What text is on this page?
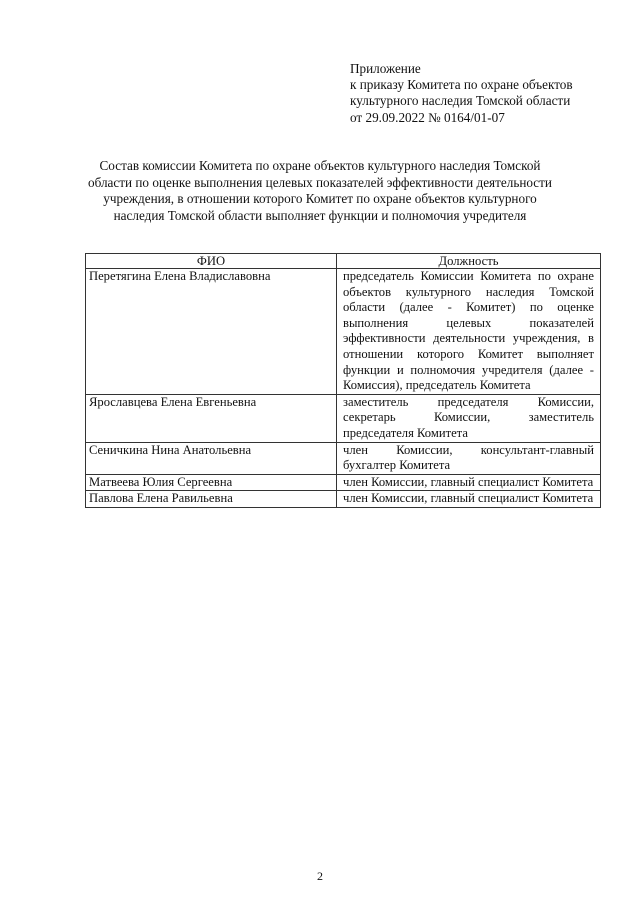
Приложение
к приказу Комитета по охране объектов
культурного наследия Томской области
от 29.09.2022 № 0164/01-07
Состав комиссии Комитета по охране объектов культурного наследия Томской области по оценке выполнения целевых показателей эффективности деятельности учреждения, в отношении которого Комитет по охране объектов культурного наследия Томской области выполняет функции и полномочия учредителя
ФИО	Должность
Перетягина Елена Владиславовна	председатель Комиссии Комитета по охране объектов культурного наследия Томской области (далее - Комитет) по оценке выполнения целевых показателей эффективности деятельности учреждения, в отношении которого Комитет выполняет функции и полномочия учредителя (далее - Комиссия), председатель Комитета

Ярославцева Елена Евгеньевна	заместитель председателя Комиссии, секретарь Комиссии, заместитель председателя Комитета

Сеничкина Нина Анатольевна	член Комиссии, консультант-главный бухгалтер Комитета

Матвеева Юлия Сергеевна	член Комиссии, главный специалист Комитета

Павлова Елена Равильевна	член Комиссии, главный специалист Комитета
2
